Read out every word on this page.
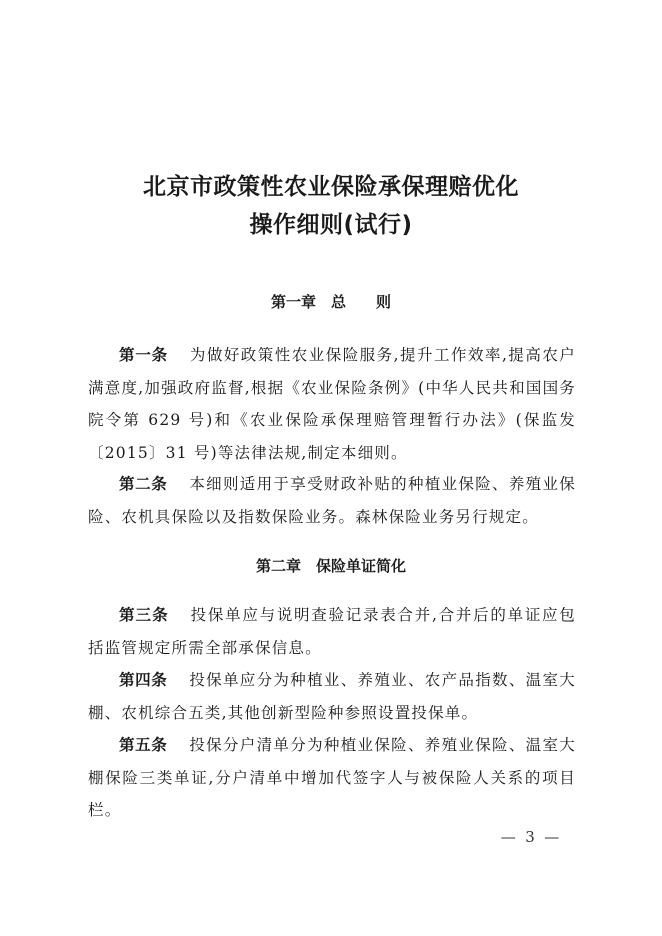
北京市政策性农业保险承保理赔优化
操作细则(试行)
第一章　总　　则
第一条 为做好政策性农业保险服务,提升工作效率,提高农户满意度,加强政府监督,根据《农业保险条例》(中华人民共和国国务院令第 629 号)和《农业保险承保理赔管理暂行办法》(保监发〔2015〕31 号)等法律法规,制定本细则。
第二条 本细则适用于享受财政补贴的种植业保险、养殖业保险、农机具保险以及指数保险业务。森林保险业务另行规定。
第二章　保险单证简化
第三条 投保单应与说明查验记录表合并,合并后的单证应包括监管规定所需全部承保信息。
第四条 投保单应分为种植业、养殖业、农产品指数、温室大棚、农机综合五类,其他创新型险种参照设置投保单。
第五条 投保分户清单分为种植业保险、养殖业保险、温室大棚保险三类单证,分户清单中增加代签字人与被保险人关系的项目栏。
—  3  —
